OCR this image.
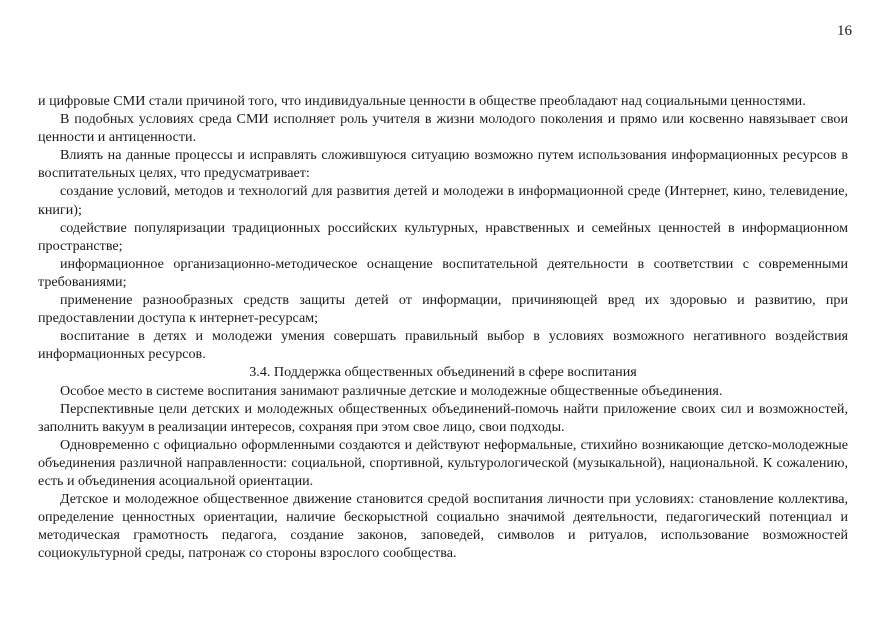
16

и цифровые СМИ стали причиной того, что индивидуальные ценности в обществе преобладают над социальными ценностями.

В подобных условиях среда СМИ исполняет роль учителя в жизни молодого поколения и прямо или косвенно навязывает свои ценности и антиценности.

Влиять на данные процессы и исправлять сложившуюся ситуацию возможно путем использования информационных ресурсов в воспитательных целях, что предусматривает:

создание условий, методов и технологий для развития детей и молодежи в информационной среде (Интернет, кино, телевидение, книги);

содействие популяризации традиционных российских культурных, нравственных и семейных ценностей в информационном пространстве;

информационное организационно-методическое оснащение воспитательной деятельности в соответствии с современными требованиями;

применение разнообразных средств защиты детей от информации, причиняющей вред их здоровью и развитию, при предоставлении доступа к интернет-ресурсам;

воспитание в детях и молодежи умения совершать правильный выбор в условиях возможного негативного воздействия информационных ресурсов.

3.4. Поддержка общественных объединений в сфере воспитания

Особое место в системе воспитания занимают различные детские и молодежные общественные объединения.

Перспективные цели детских и молодежных общественных объединений-помочь найти приложение своих сил и возможностей, заполнить вакуум в реализации интересов, сохраняя при этом свое лицо, свои подходы.

Одновременно с официально оформленными создаются и действуют неформальные, стихийно возникающие детско-молодежные объединения различной направленности: социальной, спортивной, культурологической (музыкальной), национальной. К сожалению, есть и объединения асоциальной ориентации.

Детское и молодежное общественное движение становится средой воспитания личности при условиях: становление коллектива, определение ценностных ориентации, наличие бескорыстной социально значимой деятельности, педагогический потенциал и методическая грамотность педагога, создание законов, заповедей, символов и ритуалов, использование возможностей социокультурной среды, патронаж со стороны взрослого сообщества.
